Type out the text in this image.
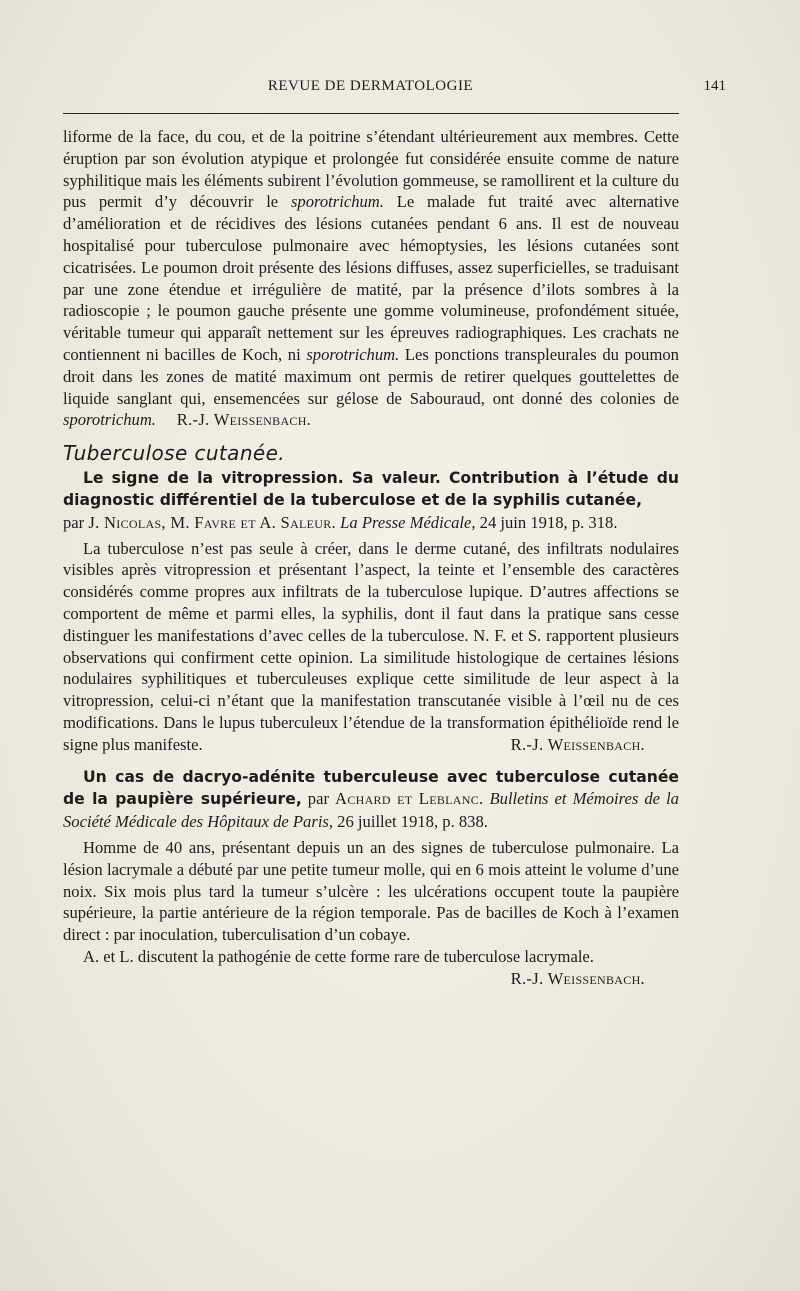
REVUE DE DERMATOLOGIE	141

liforme de la face, du cou, et de la poitrine s’étendant ultérieurement aux membres. Cette éruption par son évolution atypique et prolongée fut considérée ensuite comme de nature syphilitique mais les éléments subirent l’évolution gommeuse, se ramollirent et la culture du pus permit d’y découvrir le sporotrichum. Le malade fut traité avec alternative d’amélioration et de récidives des lésions cutanées pendant 6 ans. Il est de nouveau hospitalisé pour tuberculose pulmonaire avec hémoptysies, les lésions cutanées sont cicatrisées. Le poumon droit présente des lésions diffuses, assez superficielles, se traduisant par une zone étendue et irrégulière de matité, par la présence d’ilots sombres à la radioscopie ; le poumon gauche présente une gomme volumineuse, profondément située, véritable tumeur qui apparaît nettement sur les épreuves radiographiques. Les crachats ne contiennent ni bacilles de Koch, ni sporotrichum. Les ponctions transpleurales du poumon droit dans les zones de matité maximum ont permis de retirer quelques gouttelettes de liquide sanglant qui, ensemencées sur gélose de Sabouraud, ont donné des colonies de sporotrichum. R.-J. Weissenbach.

Tuberculose cutanée.

Le signe de la vitropression. Sa valeur. Contribution à l’étude du diagnostic différentiel de la tuberculose et de la syphilis cutanée,

par J. Nicolas, M. Favre et A. Saleur. La Presse Médicale, 24 juin 1918, p. 318.

La tuberculose n’est pas seule à créer, dans le derme cutané, des infiltrats nodulaires visibles après vitropression et présentant l’aspect, la teinte et l’ensemble des caractères considérés comme propres aux infiltrats de la tuberculose lupique. D’autres affections se comportent de même et parmi elles, la syphilis, dont il faut dans la pratique sans cesse distinguer les manifestations d’avec celles de la tuberculose. N. F. et S. rapportent plusieurs observations qui confirment cette opinion. La similitude histologique de certaines lésions nodulaires syphilitiques et tuberculeuses explique cette similitude de leur aspect à la vitropression, celui-ci n’étant que la manifestation transcutanée visible à l’œil nu de ces modifications. Dans le lupus tuberculeux l’étendue de la transformation épithélioïde rend le signe plus manifeste.	R.-J. Weissenbach.

Un cas de dacryo-adénite tuberculeuse avec tuberculose cutanée de la paupière supérieure, par Achard et Leblanc. Bulletins et Mémoires de la Société Médicale des Hôpitaux de Paris, 26 juillet 1918, p. 838.

Homme de 40 ans, présentant depuis un an des signes de tuberculose pulmonaire. La lésion lacrymale a débuté par une petite tumeur molle, qui en 6 mois atteint le volume d’une noix. Six mois plus tard la tumeur s’ulcère : les ulcérations occupent toute la paupière supérieure, la partie antérieure de la région temporale. Pas de bacilles de Koch à l’examen direct : par inoculation, tuberculisation d’un cobaye.

A. et L. discutent la pathogénie de cette forme rare de tuberculose lacrymale.
R.-J. Weissenbach.
